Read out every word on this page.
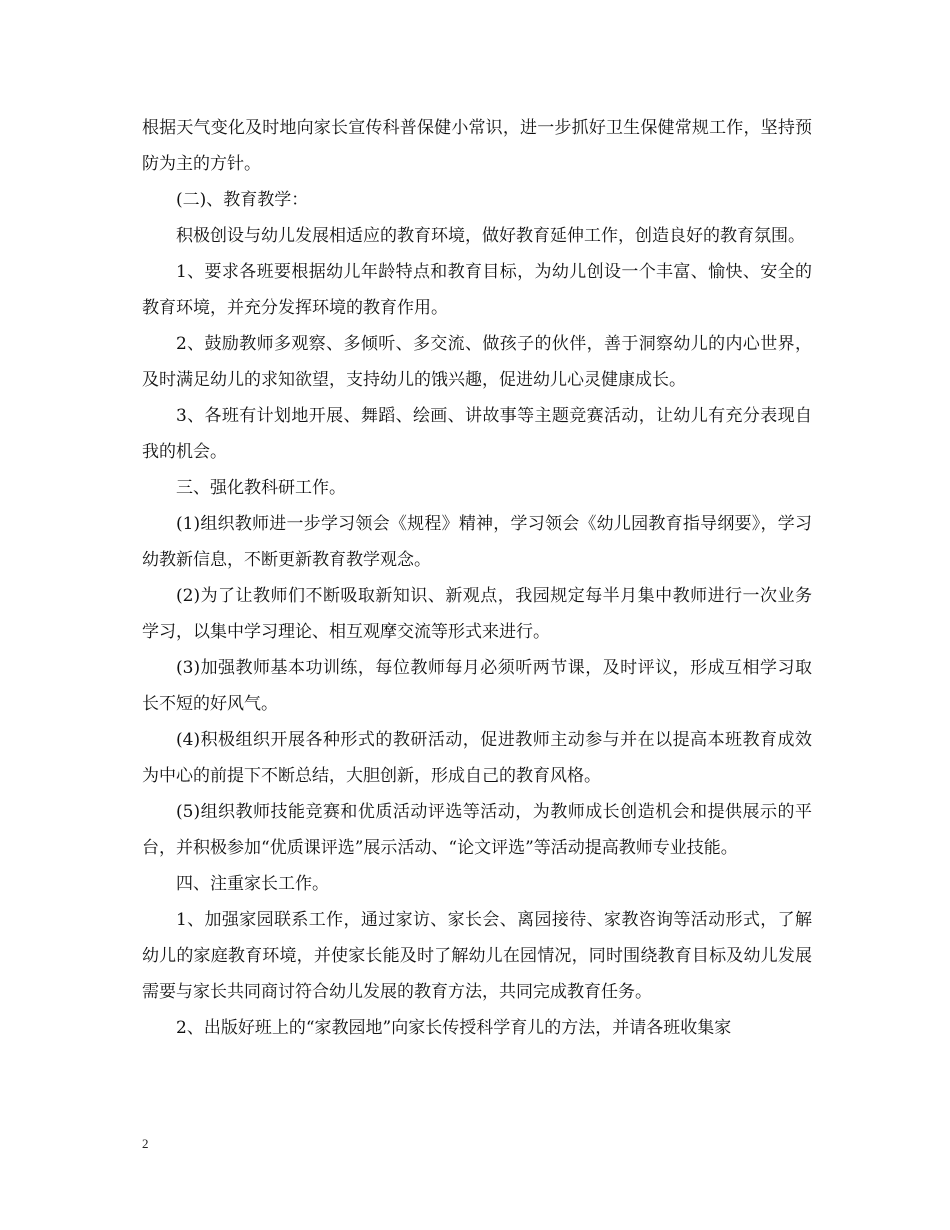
根据天气变化及时地向家长宣传科普保健小常识，进一步抓好卫生保健常规工作，坚持预防为主的方针。

(二)、教育教学：

积极创设与幼儿发展相适应的教育环境，做好教育延伸工作，创造良好的教育氛围。

1、要求各班要根据幼儿年龄特点和教育目标，为幼儿创设一个丰富、愉快、安全的教育环境，并充分发挥环境的教育作用。

2、鼓励教师多观察、多倾听、多交流、做孩子的伙伴，善于洞察幼儿的内心世界，及时满足幼儿的求知欲望，支持幼儿的饿兴趣，促进幼儿心灵健康成长。

3、各班有计划地开展、舞蹈、绘画、讲故事等主题竞赛活动，让幼儿有充分表现自我的机会。

三、强化教科研工作。

(1)组织教师进一步学习领会《规程》精神，学习领会《幼儿园教育指导纲要》，学习幼教新信息，不断更新教育教学观念。

(2)为了让教师们不断吸取新知识、新观点，我园规定每半月集中教师进行一次业务学习，以集中学习理论、相互观摩交流等形式来进行。

(3)加强教师基本功训练，每位教师每月必须听两节课，及时评议，形成互相学习取长不短的好风气。

(4)积极组织开展各种形式的教研活动，促进教师主动参与并在以提高本班教育成效为中心的前提下不断总结，大胆创新，形成自己的教育风格。

(5)组织教师技能竞赛和优质活动评选等活动，为教师成长创造机会和提供展示的平台，并积极参加“优质课评选”展示活动、“论文评选”等活动提高教师专业技能。

四、注重家长工作。

1、加强家园联系工作，通过家访、家长会、离园接待、家教咨询等活动形式，了解幼儿的家庭教育环境，并使家长能及时了解幼儿在园情况，同时围绕教育目标及幼儿发展需要与家长共同商讨符合幼儿发展的教育方法，共同完成教育任务。

2、出版好班上的“家教园地”向家长传授科学育儿的方法，并请各班收集家

2
